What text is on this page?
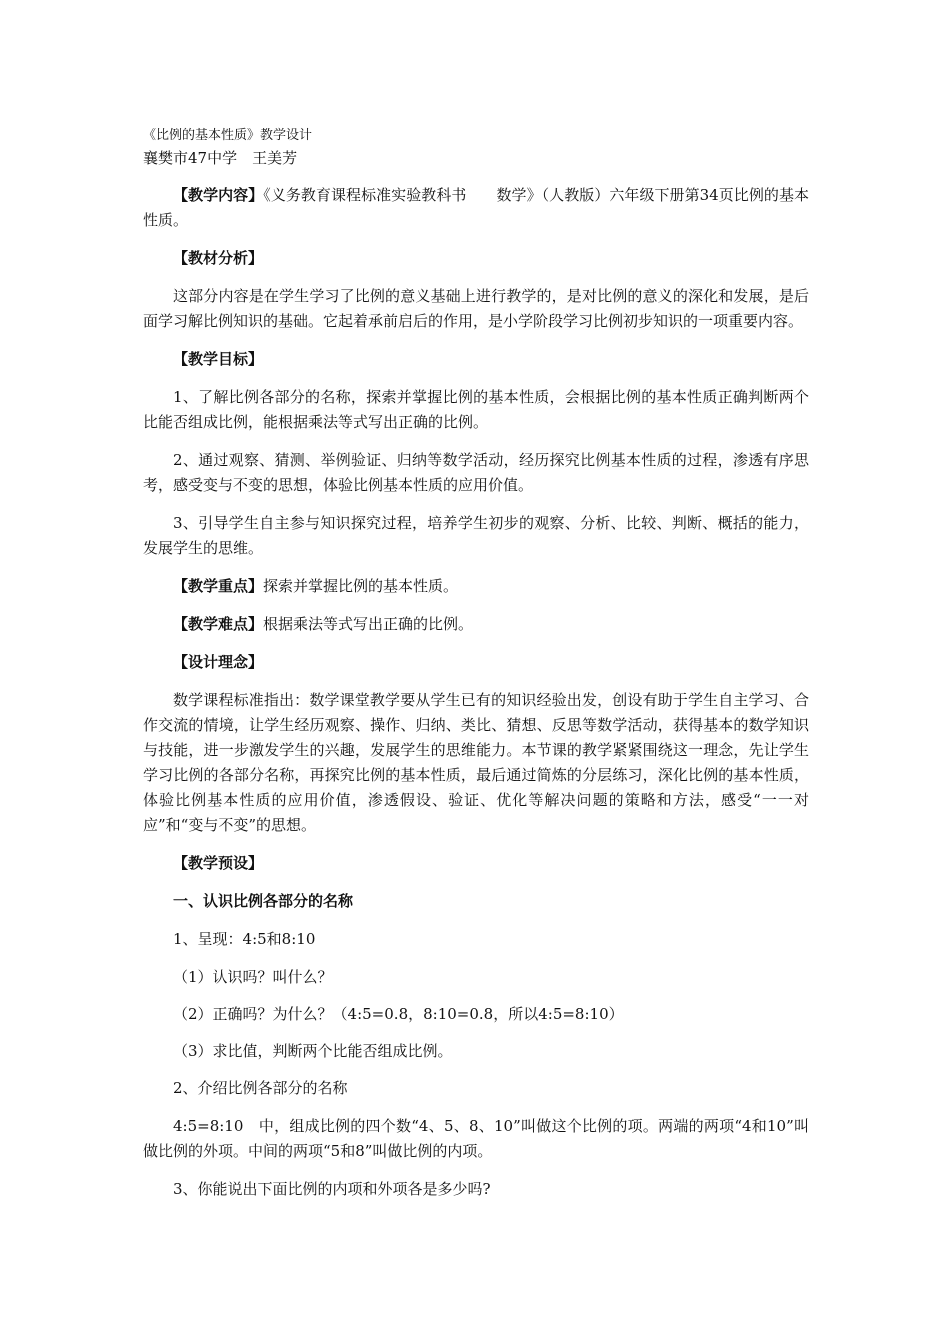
《比例的基本性质》教学设计

襄樊市47中学　王美芳

【教学内容】《义务教育课程标准实验教科书　　数学》（人教版）六年级下册第34页比例的基本性质。

【教材分析】

这部分内容是在学生学习了比例的意义基础上进行教学的，是对比例的意义的深化和发展，是后面学习解比例知识的基础。它起着承前启后的作用，是小学阶段学习比例初步知识的一项重要内容。

【教学目标】

1、了解比例各部分的名称，探索并掌握比例的基本性质，会根据比例的基本性质正确判断两个比能否组成比例，能根据乘法等式写出正确的比例。

2、通过观察、猜测、举例验证、归纳等数学活动，经历探究比例基本性质的过程，渗透有序思考，感受变与不变的思想，体验比例基本性质的应用价值。

3、引导学生自主参与知识探究过程，培养学生初步的观察、分析、比较、判断、概括的能力，发展学生的思维。

【教学重点】探索并掌握比例的基本性质。

【教学难点】根据乘法等式写出正确的比例。

【设计理念】

数学课程标准指出：数学课堂教学要从学生已有的知识经验出发，创设有助于学生自主学习、合作交流的情境，让学生经历观察、操作、归纳、类比、猜想、反思等数学活动，获得基本的数学知识与技能，进一步激发学生的兴趣，发展学生的思维能力。本节课的教学紧紧围绕这一理念，先让学生学习比例的各部分名称，再探究比例的基本性质，最后通过简炼的分层练习，深化比例的基本性质，体验比例基本性质的应用价值，渗透假设、验证、优化等解决问题的策略和方法，感受“一一对应”和“变与不变”的思想。

【教学预设】

一、认识比例各部分的名称

1、呈现：4:5和8:10

（1）认识吗？叫什么？

（2）正确吗？为什么？（4:5=0.8，8:10=0.8，所以4:5=8:10）

（3）求比值，判断两个比能否组成比例。

2、介绍比例各部分的名称

4:5=8:10　中，组成比例的四个数“4、5、8、10”叫做这个比例的项。两端的两项“4和10”叫做比例的外项。中间的两项“5和8”叫做比例的内项。

3、你能说出下面比例的内项和外项各是多少吗?
